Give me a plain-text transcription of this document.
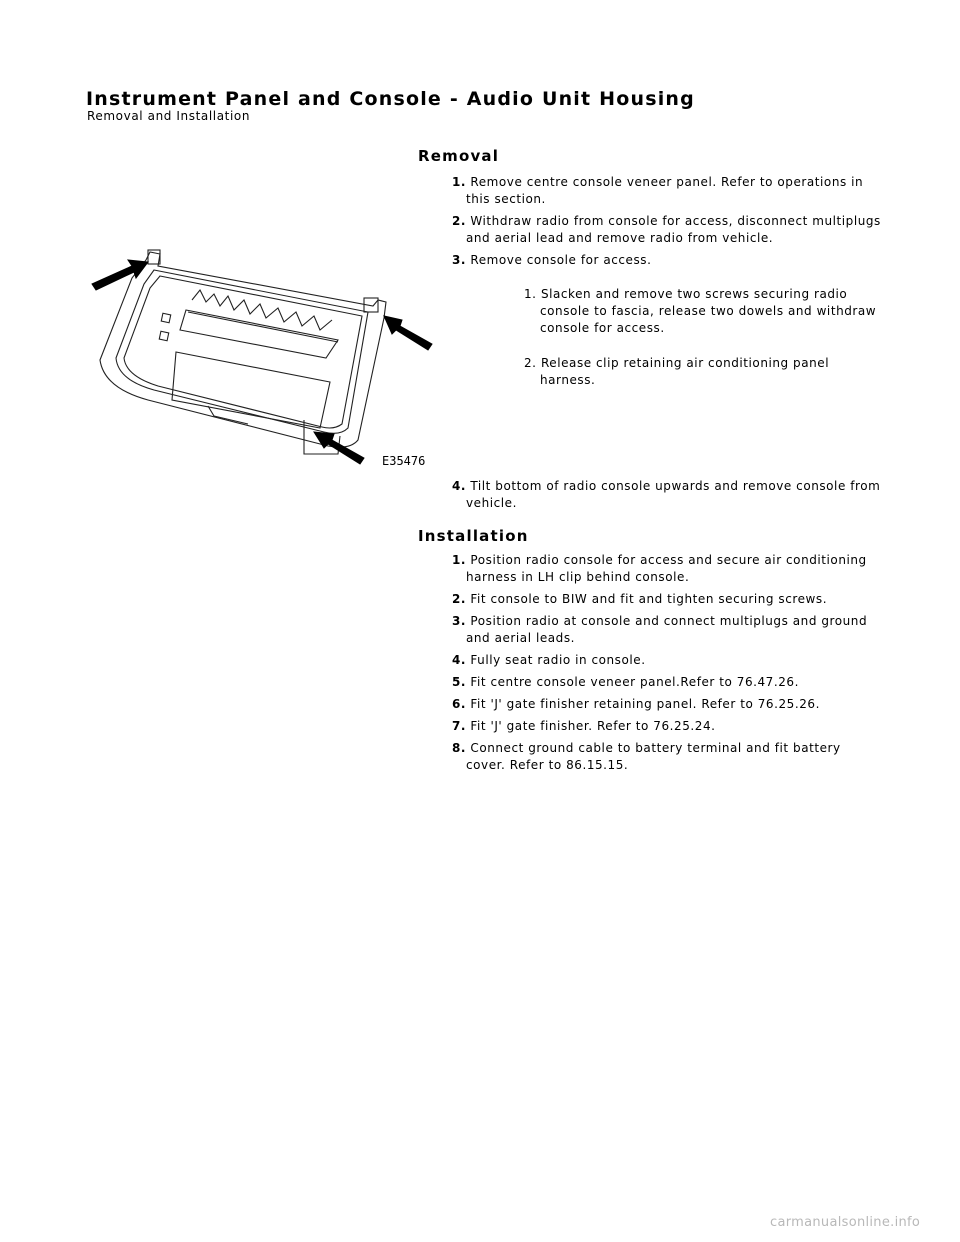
Instrument Panel and Console - Audio Unit Housing

Removal and Installation

E35476
Removal
1. Remove centre console veneer panel. Refer to operations in this section.
2. Withdraw radio from console for access, disconnect multiplugs and aerial lead and remove radio from vehicle.
3. Remove console for access.
1. Slacken and remove two screws securing radio console to fascia, release two dowels and withdraw console for access.
2. Release clip retaining air conditioning panel harness.
4. Tilt bottom of radio console upwards and remove console from vehicle.
Installation
1. Position radio console for access and secure air conditioning harness in LH clip behind console.
2. Fit console to BIW and fit and tighten securing screws.
3. Position radio at console and connect multiplugs and ground and aerial leads.
4. Fully seat radio in console.
5. Fit centre console veneer panel.Refer to 76.47.26.
6. Fit 'J' gate finisher retaining panel. Refer to 76.25.26.
7. Fit 'J' gate finisher. Refer to 76.25.24.
8. Connect ground cable to battery terminal and fit battery cover. Refer to 86.15.15.
carmanualsonline.info
